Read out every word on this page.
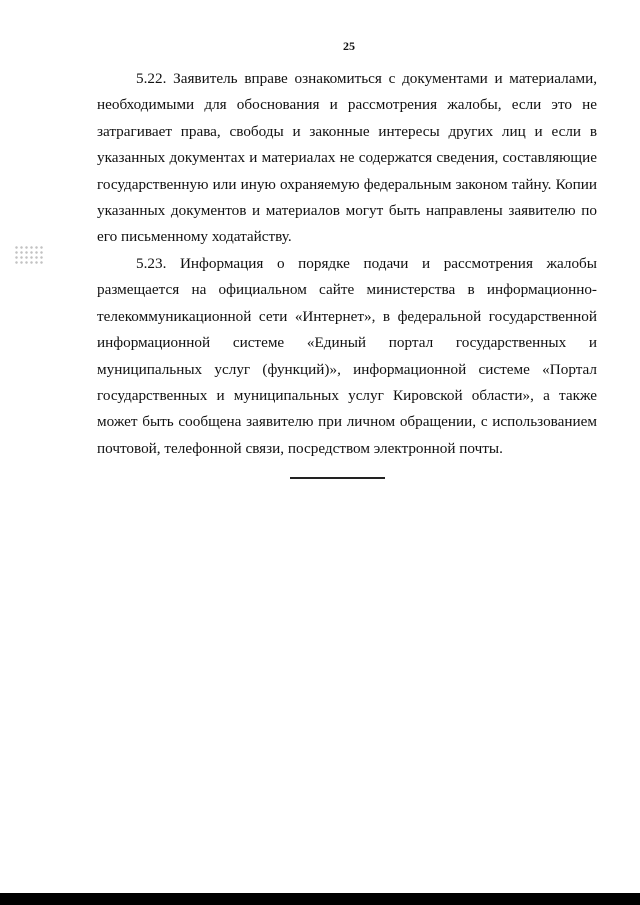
25
5.22. Заявитель вправе ознакомиться с документами и материалами,
необходимыми для обоснования и рассмотрения жалобы, если это не
затрагивает права, свободы и законные интересы других лиц и если в
указанных документах и материалах не содержатся сведения, составляющие
государственную или иную охраняемую федеральным законом тайну. Копии
указанных документов и материалов могут быть направлены заявителю по
его письменному ходатайству.
5.23. Информация о порядке подачи и рассмотрения жалобы
размещается на официальном сайте министерства в информационно-
телекоммуникационной сети «Интернет», в федеральной государственной
информационной системе «Единый портал государственных и
муниципальных услуг (функций)», информационной системе «Портал
государственных и муниципальных услуг Кировской области», а также
может быть сообщена заявителю при личном обращении, с использованием
почтовой, телефонной связи, посредством электронной почты.
